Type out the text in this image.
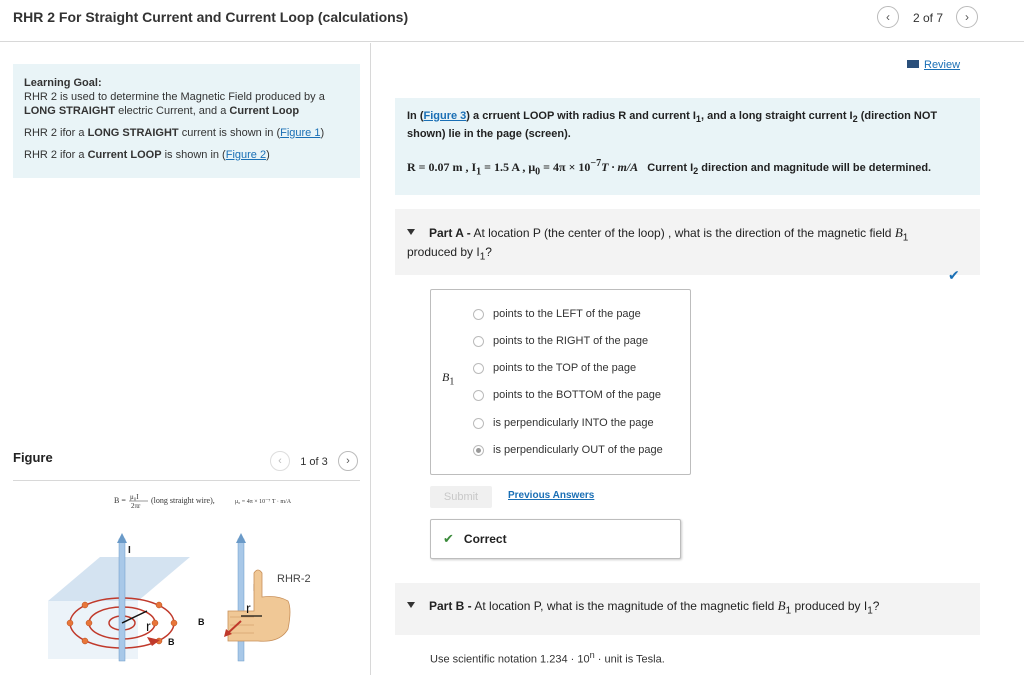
RHR 2 For Straight Current and Current Loop (calculations)	‹	2 of 7	›

Learning Goal:
RHR 2 is used to determine the Magnetic Field produced by a
LONG STRAIGHT electric Current, and a Current Loop

RHR 2 ifor a LONG STRAIGHT current is shown in (Figure 1)

RHR 2 ifor a Current LOOP is shown in (Figure 2)

Figure	‹	1 of 3	›
B = μ₀I
2πr
(long straight wire),	μ₀ = 4π × 10⁻⁷ T · m/A
RHR-2
I
r
B
r
B
Review
In (Figure 3) a crruent LOOP with radius R and current $I_1$, and a long straight current $I_2$ (direction NOT shown) lie in the page (screen).
R = 0.07 m , $I_1 = 1.5$ A , $\mu_0 = 4\pi \times 10^{-7}T \cdot m/A$ Current $I_2$ direction and magnitude will be determined.
Part A - At location P (the center of the loop) , what is the direction of the magnetic field $B_1$
produced by $I_1$?
✔
$B_1$
points to the LEFT of the page
points to the RIGHT of the page
points to the TOP of the page
points to the BOTTOM of the page
is perpendicularly INTO the page
is perpendicularly OUT of the page
Submit	Previous Answers
✔ Correct
Part B - At location P, what is the magnitude of the magnetic field $B_1$ produced by $I_1$?
Use scientific notation $1.234 \cdot 10^n$ · unit is Tesla.
